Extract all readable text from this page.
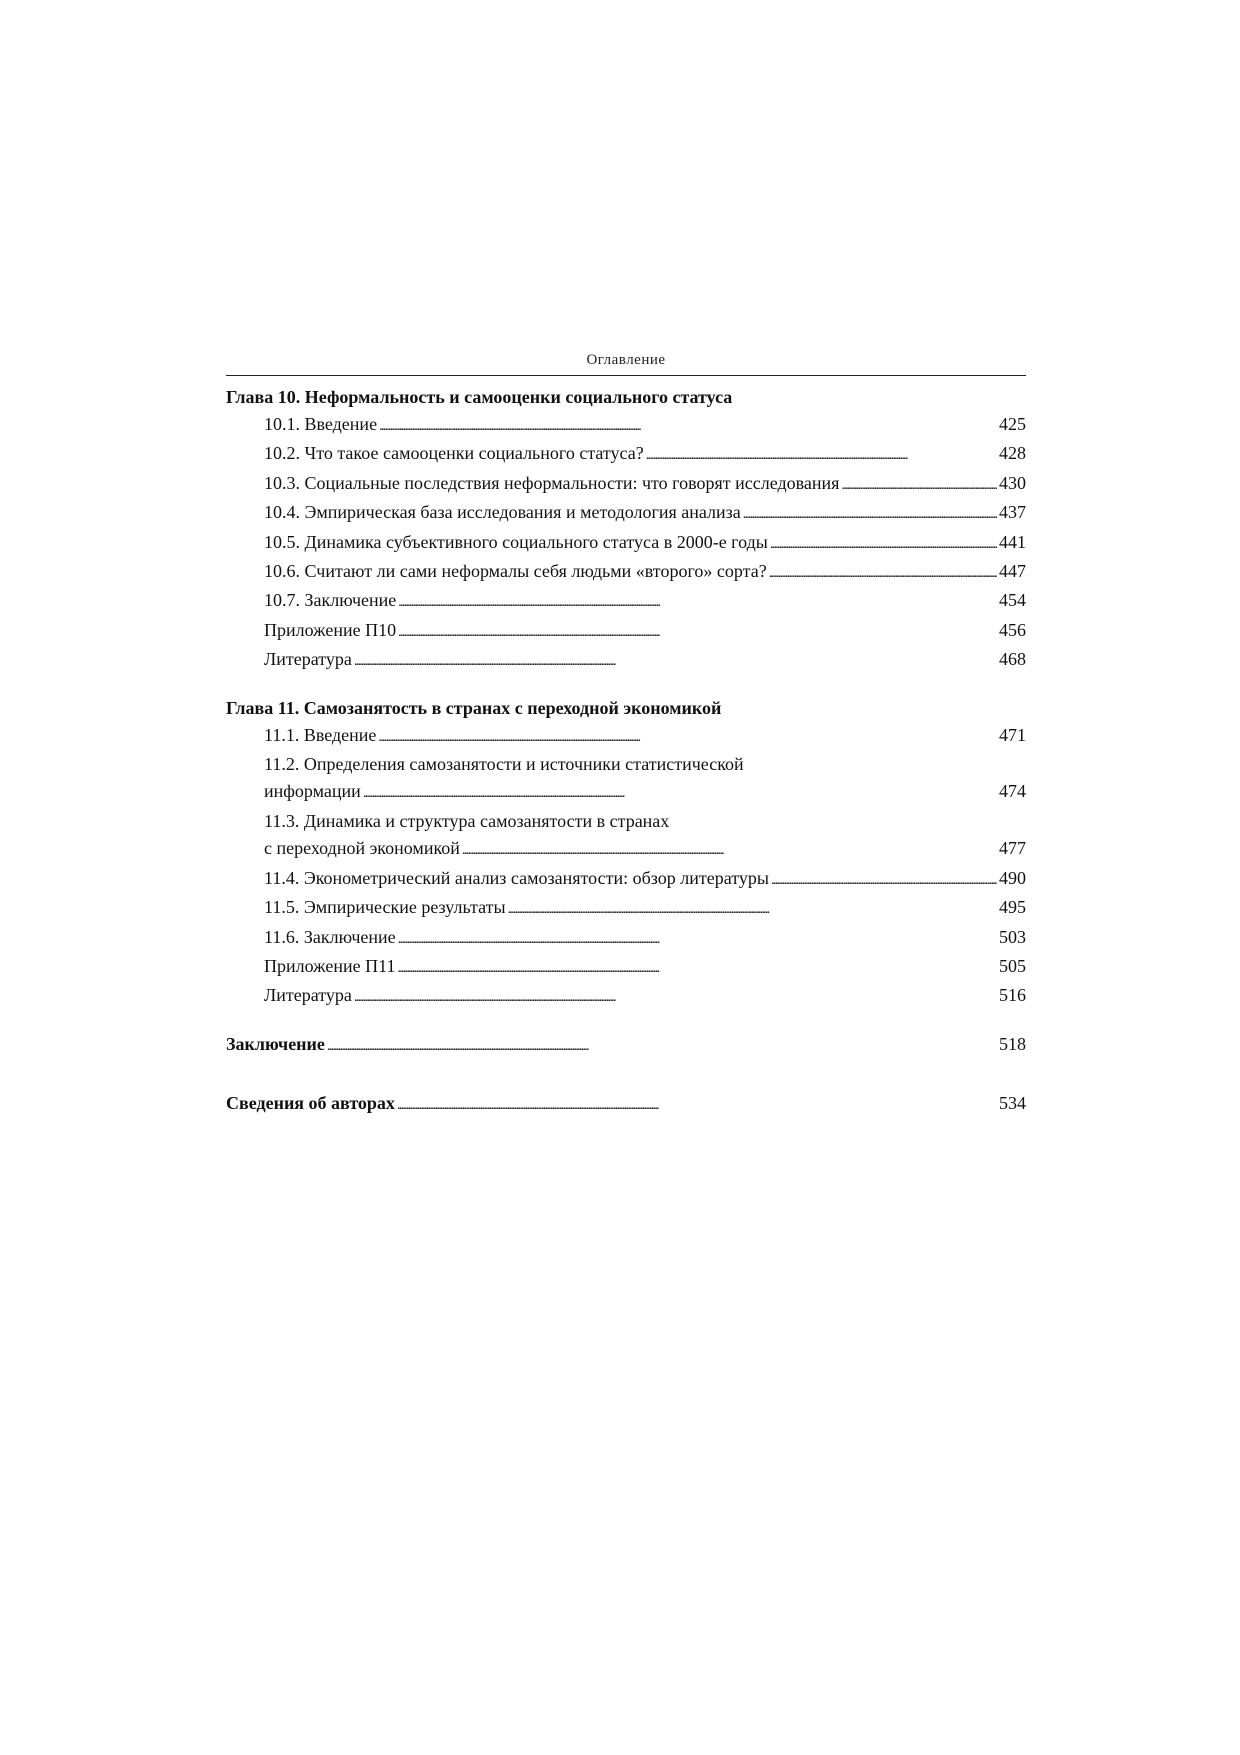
Оглавление
Глава 10. Неформальность и самооценки социального статуса
10.1. Введение . . .	425
10.2. Что такое самооценки социального статуса? . . .	428
10.3. Социальные последствия неформальности: что говорят исследования . . .	430
10.4. Эмпирическая база исследования и методология анализа . . .	437
10.5. Динамика субъективного социального статуса в 2000-е годы . . .	441
10.6. Считают ли сами неформалы себя людьми «второго» сорта? . . .	447
10.7. Заключение . . .	454
Приложение П10 . . .	456
Литература . . .	468
Глава 11. Самозанятость в странах с переходной экономикой
11.1. Введение . . .	471
11.2. Определения самозанятости и источники статистической
информации . . .	474
11.3. Динамика и структура самозанятости в странах
с переходной экономикой . . .	477
11.4. Эконометрический анализ самозанятости: обзор литературы . . .	490
11.5. Эмпирические результаты . . .	495
11.6. Заключение . . .	503
Приложение П11 . . .	505
Литература . . .	516
Заключение . . .	518
Сведения об авторах . . .	534
